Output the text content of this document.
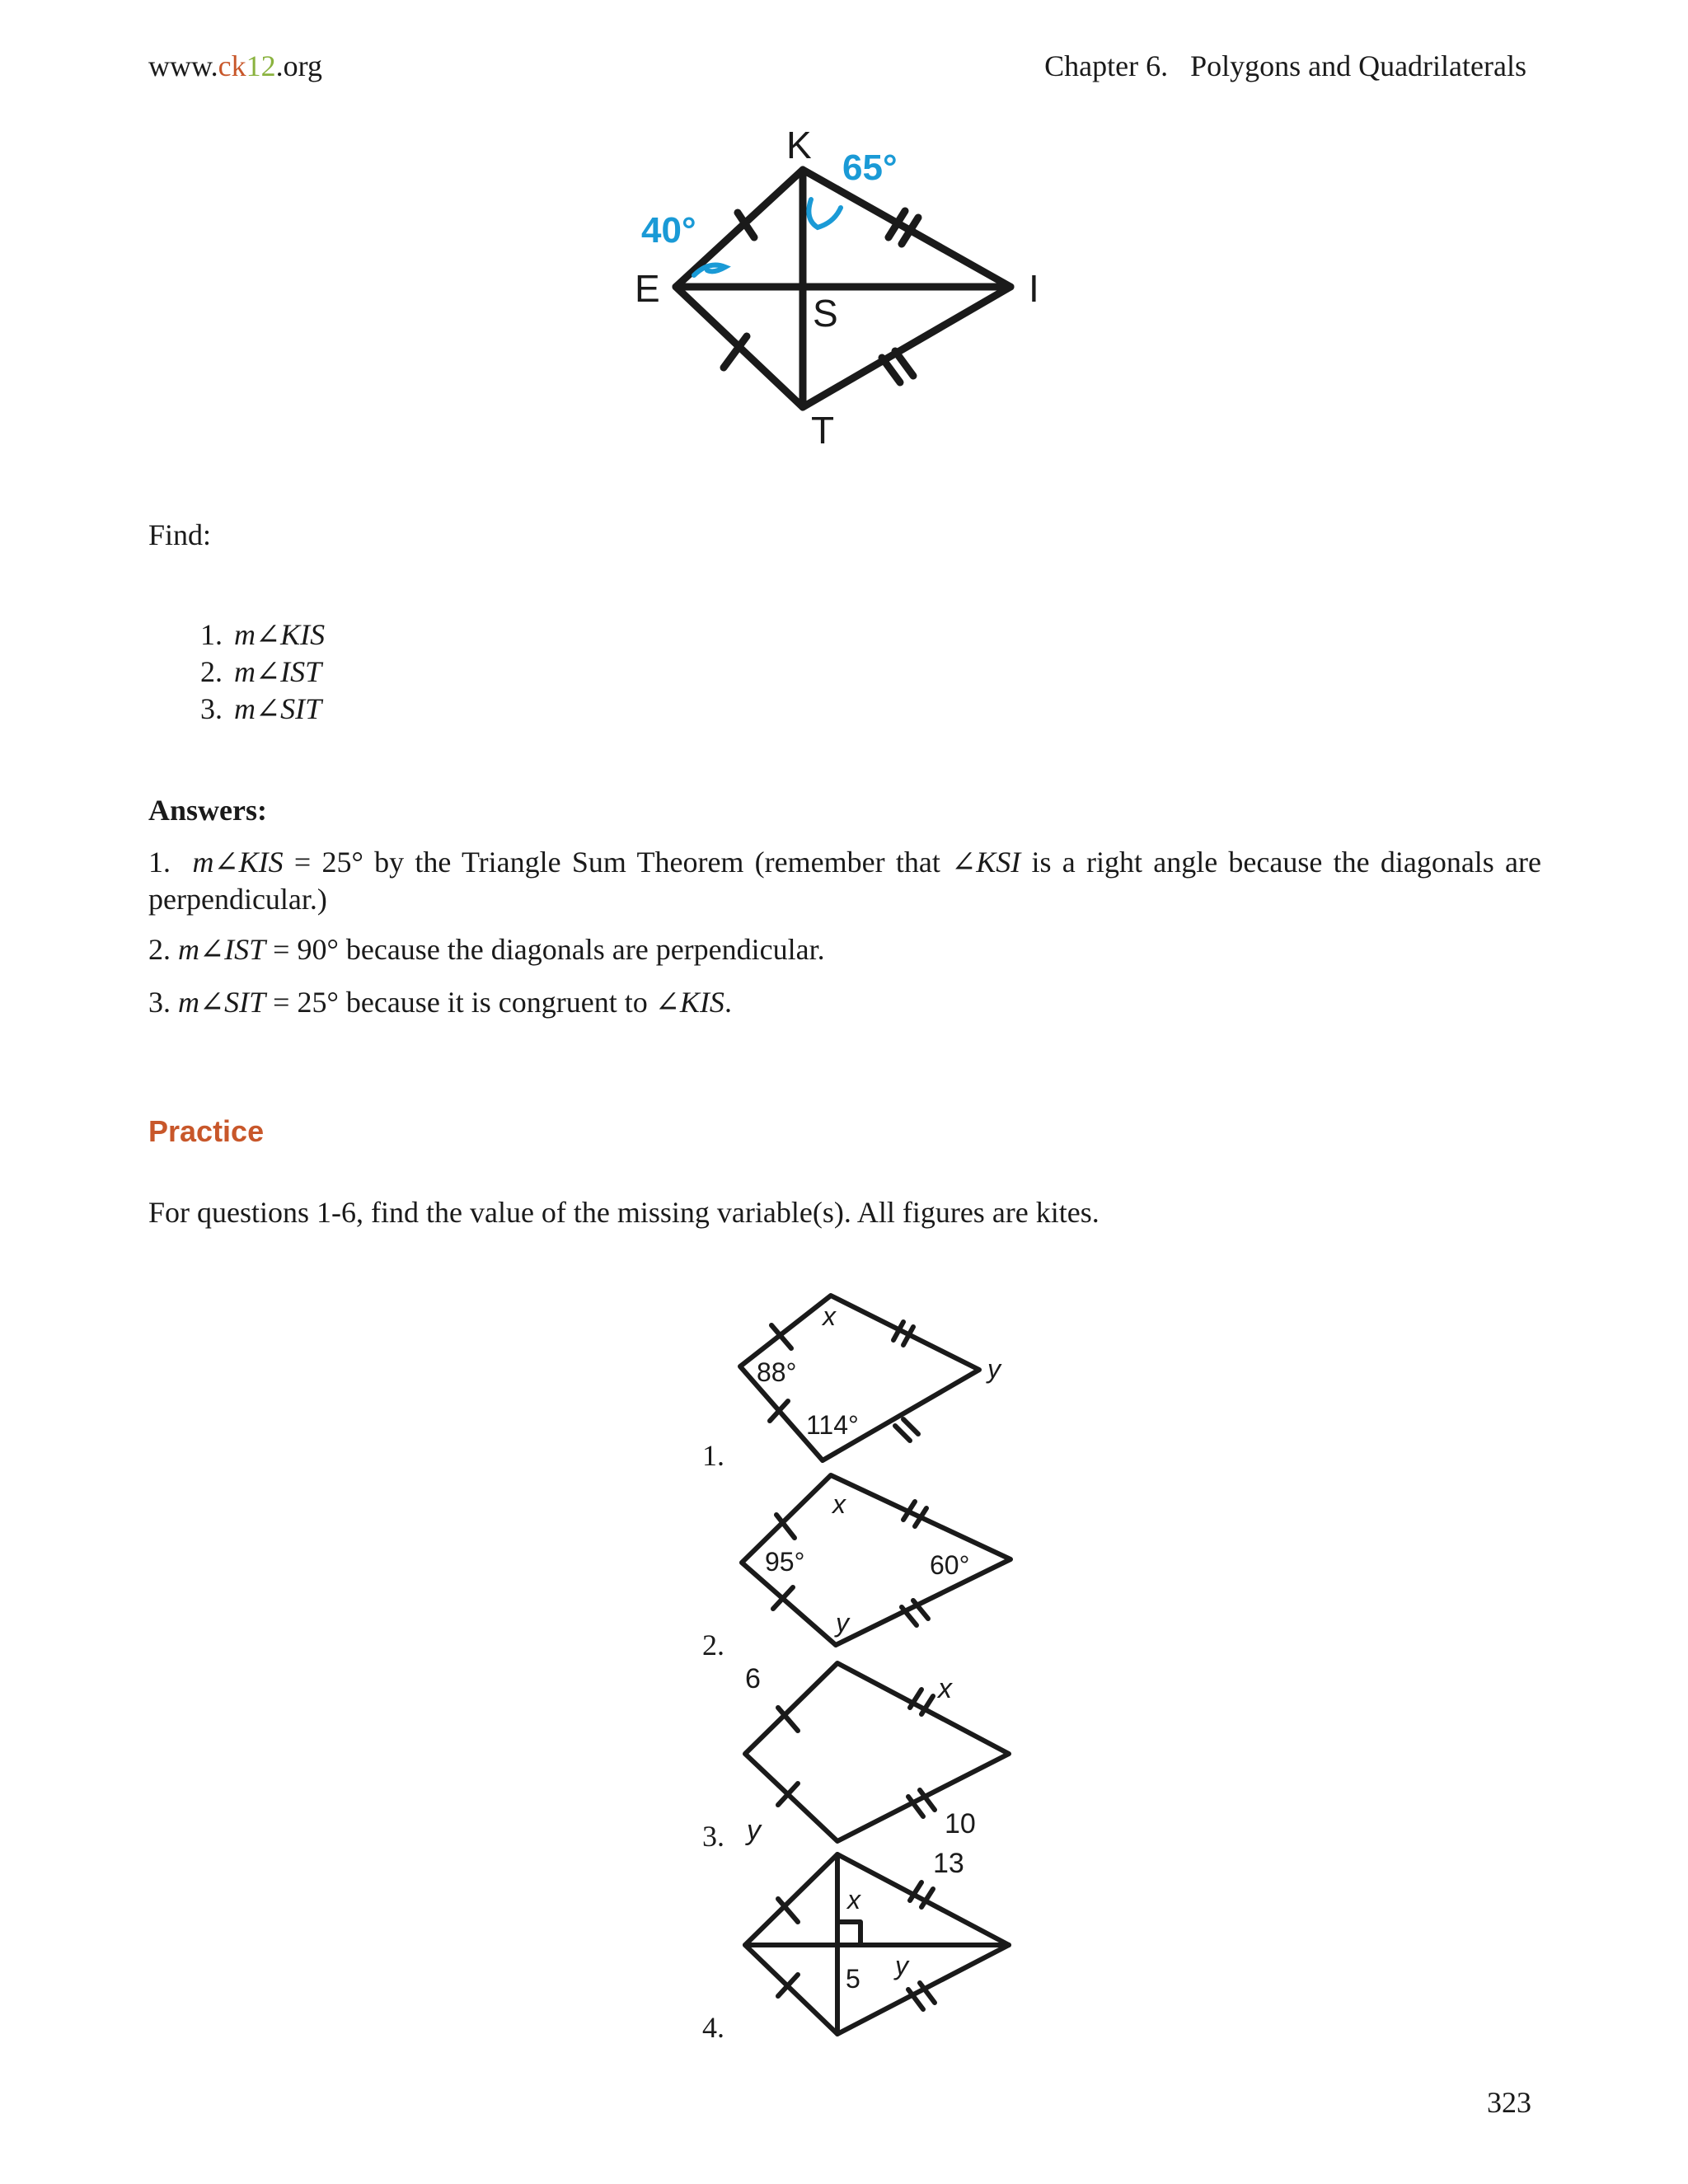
www.ck12.org	Chapter 6.   Polygons and Quadrilaterals
K
E	I
S
T
40°
65°
Find:
1. m∠KIS
2. m∠IST
3. m∠SIT
Answers:
1. m∠KIS = 25° by the Triangle Sum Theorem (remember that ∠KSI is a right angle because the diagonals are perpendicular.)
2. m∠IST = 90° because the diagonals are perpendicular.
3. m∠SIT = 25° because it is congruent to ∠KIS.
Practice
For questions 1-6, find the value of the missing variable(s). All figures are kites.
1.
2.
3.
4.
x
y
88°
114°
x
y
95°	60°
6	x
y	10
13
x
5 y
323
